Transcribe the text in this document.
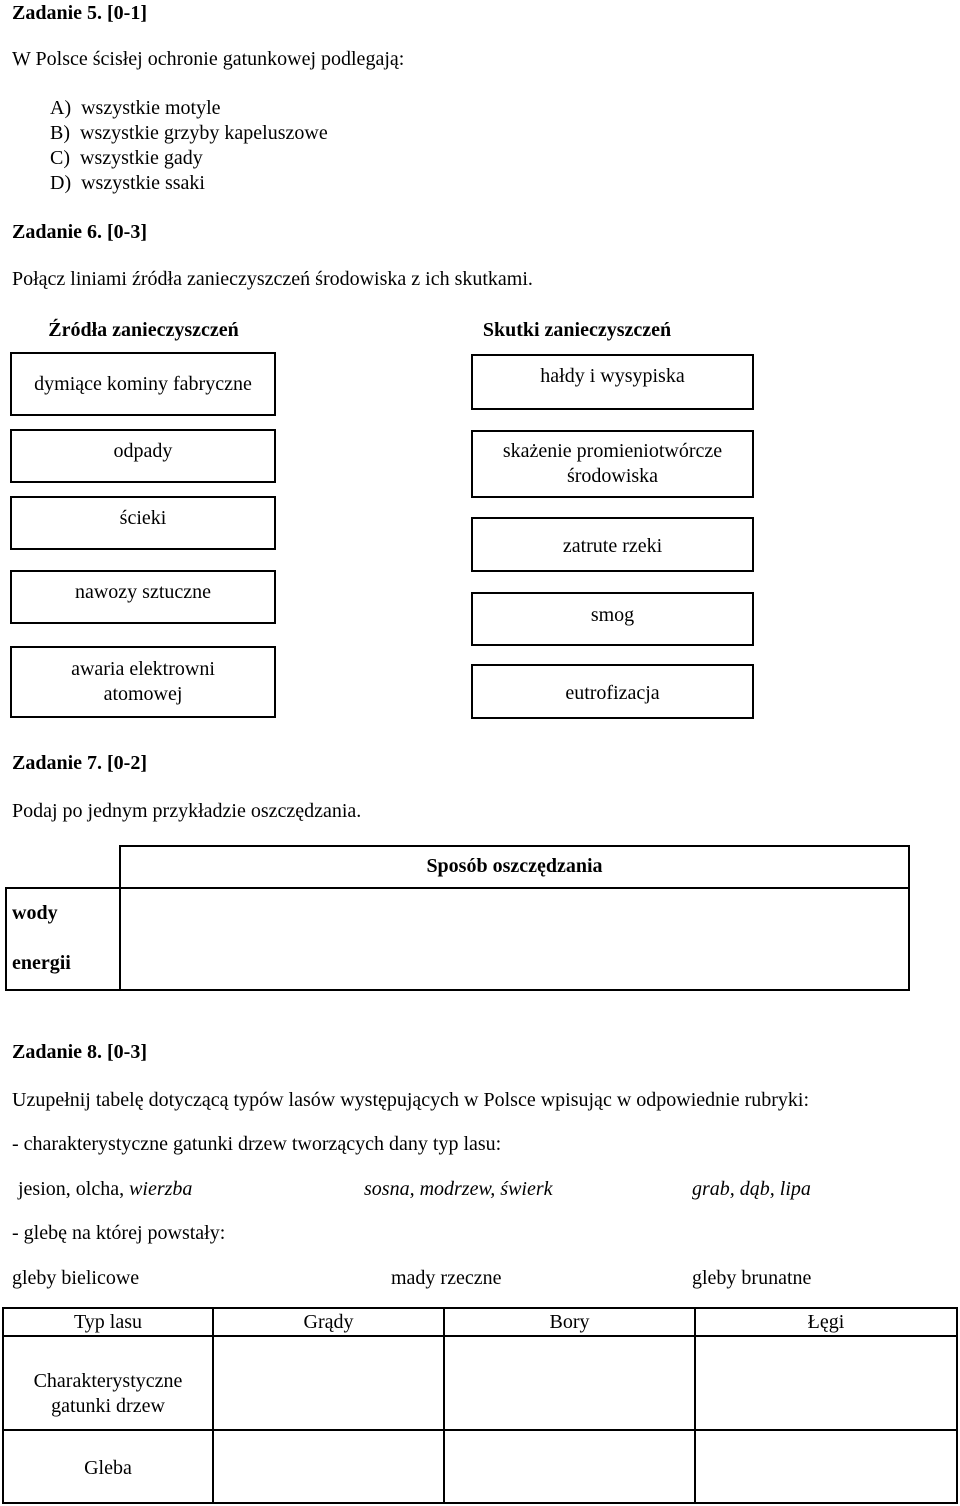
Zadanie 5. [0-1]
W Polsce ścisłej ochronie gatunkowej podlegają:
A)  wszystkie motyle
B)  wszystkie grzyby kapeluszowe
C)  wszystkie gady
D)  wszystkie ssaki
Zadanie 6. [0-3]
Połącz liniami źródła zanieczyszczeń środowiska z ich skutkami.
Źródła zanieczyszczeń	Skutki zanieczyszczeń
dymiące kominy fabryczne
odpady
ścieki
nawozy sztuczne
awaria elektrowni atomowej
hałdy i wysypiska
skażenie promieniotwórcze środowiska
zatrute rzeki
smog
eutrofizacja
Zadanie 7. [0-2]
Podaj po jednym przykładzie oszczędzania.
Sposób oszczędzania
wody
energii
Zadanie 8. [0-3]
Uzupełnij tabelę dotyczącą typów lasów występujących w Polsce wpisując w odpowiednie rubryki:
- charakterystyczne gatunki drzew tworzących dany typ lasu:
jesion, olcha, wierzba	sosna, modrzew, świerk	grab, dąb, lipa
- glebę na której powstały:
gleby bielicowe	mady rzeczne	gleby brunatne
Typ lasu	Grądy	Bory	Łęgi
Charakterystyczne gatunki drzew
Gleba
